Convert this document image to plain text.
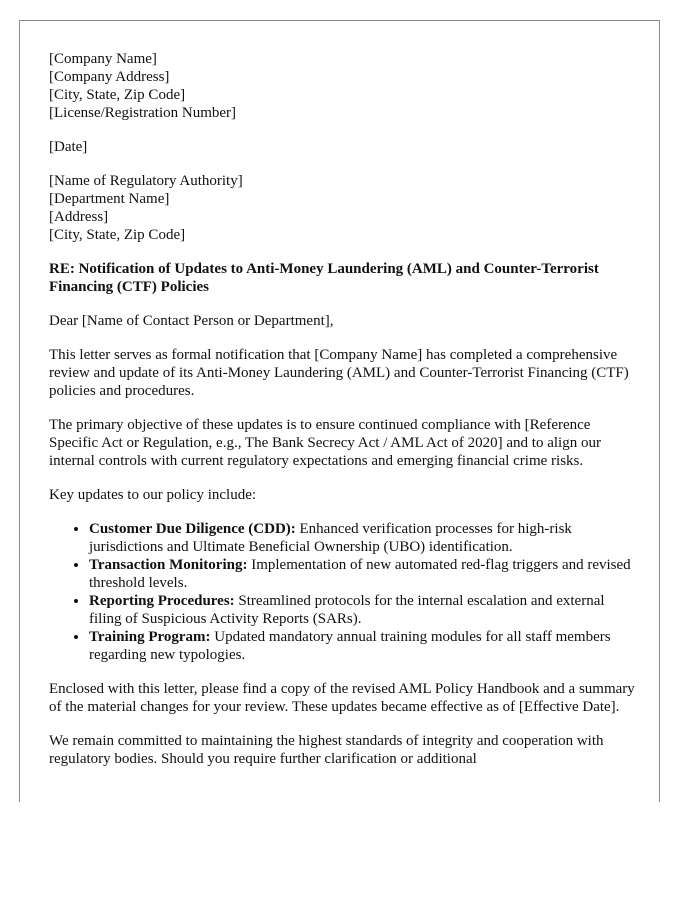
[Company Name]
[Company Address]
[City, State, Zip Code]
[License/Registration Number]
[Date]
[Name of Regulatory Authority]
[Department Name]
[Address]
[City, State, Zip Code]
RE: Notification of Updates to Anti-Money Laundering (AML) and Counter-Terrorist Financing (CTF) Policies

Dear [Name of Contact Person or Department],

This letter serves as formal notification that [Company Name] has completed a comprehensive review and update of its Anti-Money Laundering (AML) and Counter-Terrorist Financing (CTF) policies and procedures.

The primary objective of these updates is to ensure continued compliance with [Reference Specific Act or Regulation, e.g., The Bank Secrecy Act / AML Act of 2020] and to align our internal controls with current regulatory expectations and emerging financial crime risks.

Key updates to our policy include:

• Customer Due Diligence (CDD): Enhanced verification processes for high-risk jurisdictions and Ultimate Beneficial Ownership (UBO) identification.
• Transaction Monitoring: Implementation of new automated red-flag triggers and revised threshold levels.
• Reporting Procedures: Streamlined protocols for the internal escalation and external filing of Suspicious Activity Reports (SARs).
• Training Program: Updated mandatory annual training modules for all staff members regarding new typologies.

Enclosed with this letter, please find a copy of the revised AML Policy Handbook and a summary of the material changes for your review. These updates became effective as of [Effective Date].

We remain committed to maintaining the highest standards of integrity and cooperation with regulatory bodies. Should you require further clarification or additional
